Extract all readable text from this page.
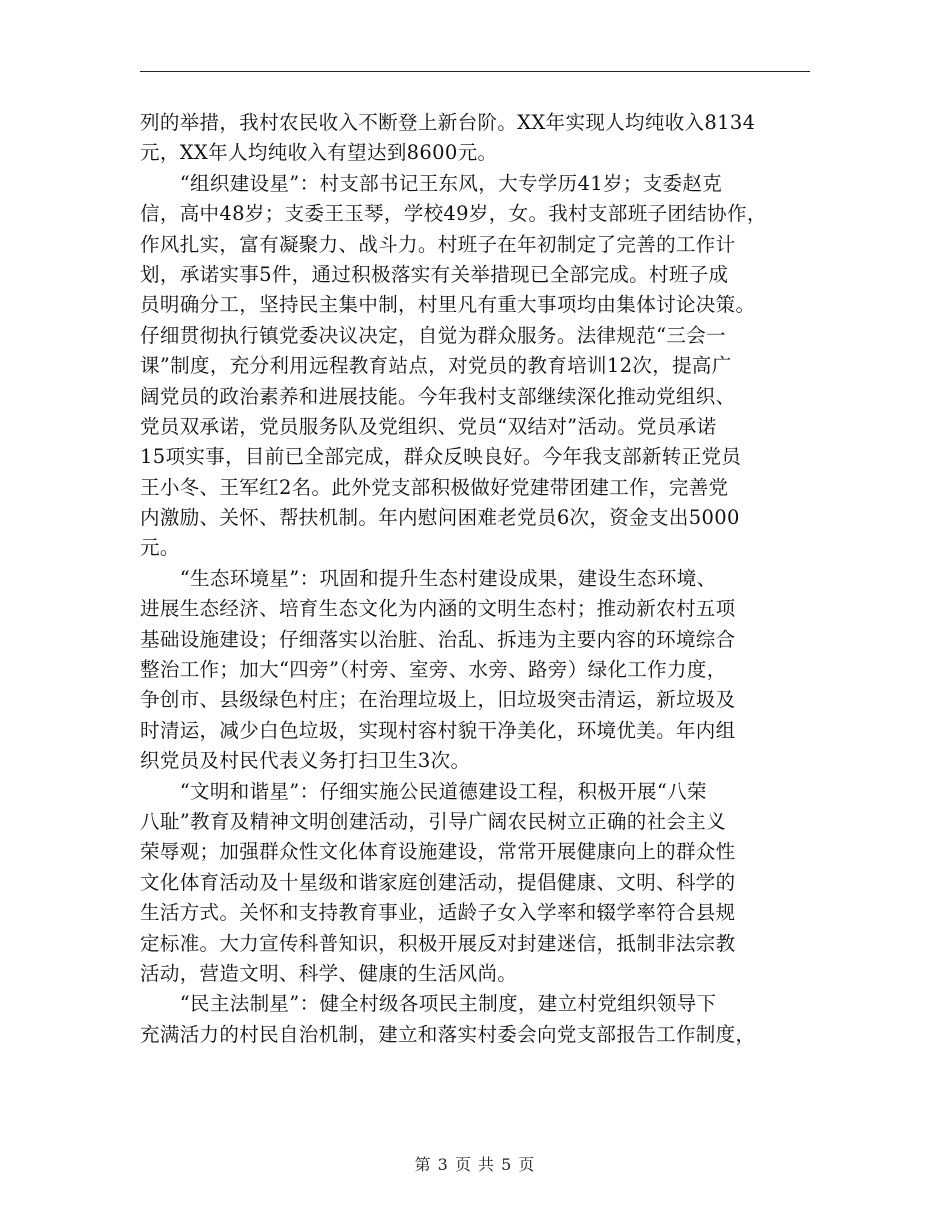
列的举措，我村农民收入不断登上新台阶。XX年实现人均纯收入8134
元，XX年人均纯收入有望达到8600元。
　　“组织建设星”：村支部书记王东风，大专学历41岁；支委赵克
信，高中48岁；支委王玉琴，学校49岁，女。我村支部班子团结协作，
作风扎实，富有凝聚力、战斗力。村班子在年初制定了完善的工作计
划，承诺实事5件，通过积极落实有关举措现已全部完成。村班子成
员明确分工，坚持民主集中制，村里凡有重大事项均由集体讨论决策。
仔细贯彻执行镇党委决议决定，自觉为群众服务。法律规范“三会一
课”制度，充分利用远程教育站点，对党员的教育培训12次，提高广
阔党员的政治素养和进展技能。今年我村支部继续深化推动党组织、
党员双承诺，党员服务队及党组织、党员“双结对”活动。党员承诺
15项实事，目前已全部完成，群众反映良好。今年我支部新转正党员
王小冬、王军红2名。此外党支部积极做好党建带团建工作，完善党
内激励、关怀、帮扶机制。年内慰问困难老党员6次，资金支出5000
元。
　　“生态环境星”：巩固和提升生态村建设成果，建设生态环境、
进展生态经济、培育生态文化为内涵的文明生态村；推动新农村五项
基础设施建设；仔细落实以治脏、治乱、拆违为主要内容的环境综合
整治工作；加大“四旁”（村旁、室旁、水旁、路旁）绿化工作力度，
争创市、县级绿色村庄；在治理垃圾上，旧垃圾突击清运，新垃圾及
时清运，减少白色垃圾，实现村容村貌干净美化，环境优美。年内组
织党员及村民代表义务打扫卫生3次。
　　“文明和谐星”：仔细实施公民道德建设工程，积极开展“八荣
八耻”教育及精神文明创建活动，引导广阔农民树立正确的社会主义
荣辱观；加强群众性文化体育设施建设，常常开展健康向上的群众性
文化体育活动及十星级和谐家庭创建活动，提倡健康、文明、科学的
生活方式。关怀和支持教育事业，适龄子女入学率和辍学率符合县规
定标准。大力宣传科普知识，积极开展反对封建迷信，抵制非法宗教
活动，营造文明、科学、健康的生活风尚。
　　“民主法制星”：健全村级各项民主制度，建立村党组织领导下
充满活力的村民自治机制，建立和落实村委会向党支部报告工作制度，
第 3 页 共 5 页
